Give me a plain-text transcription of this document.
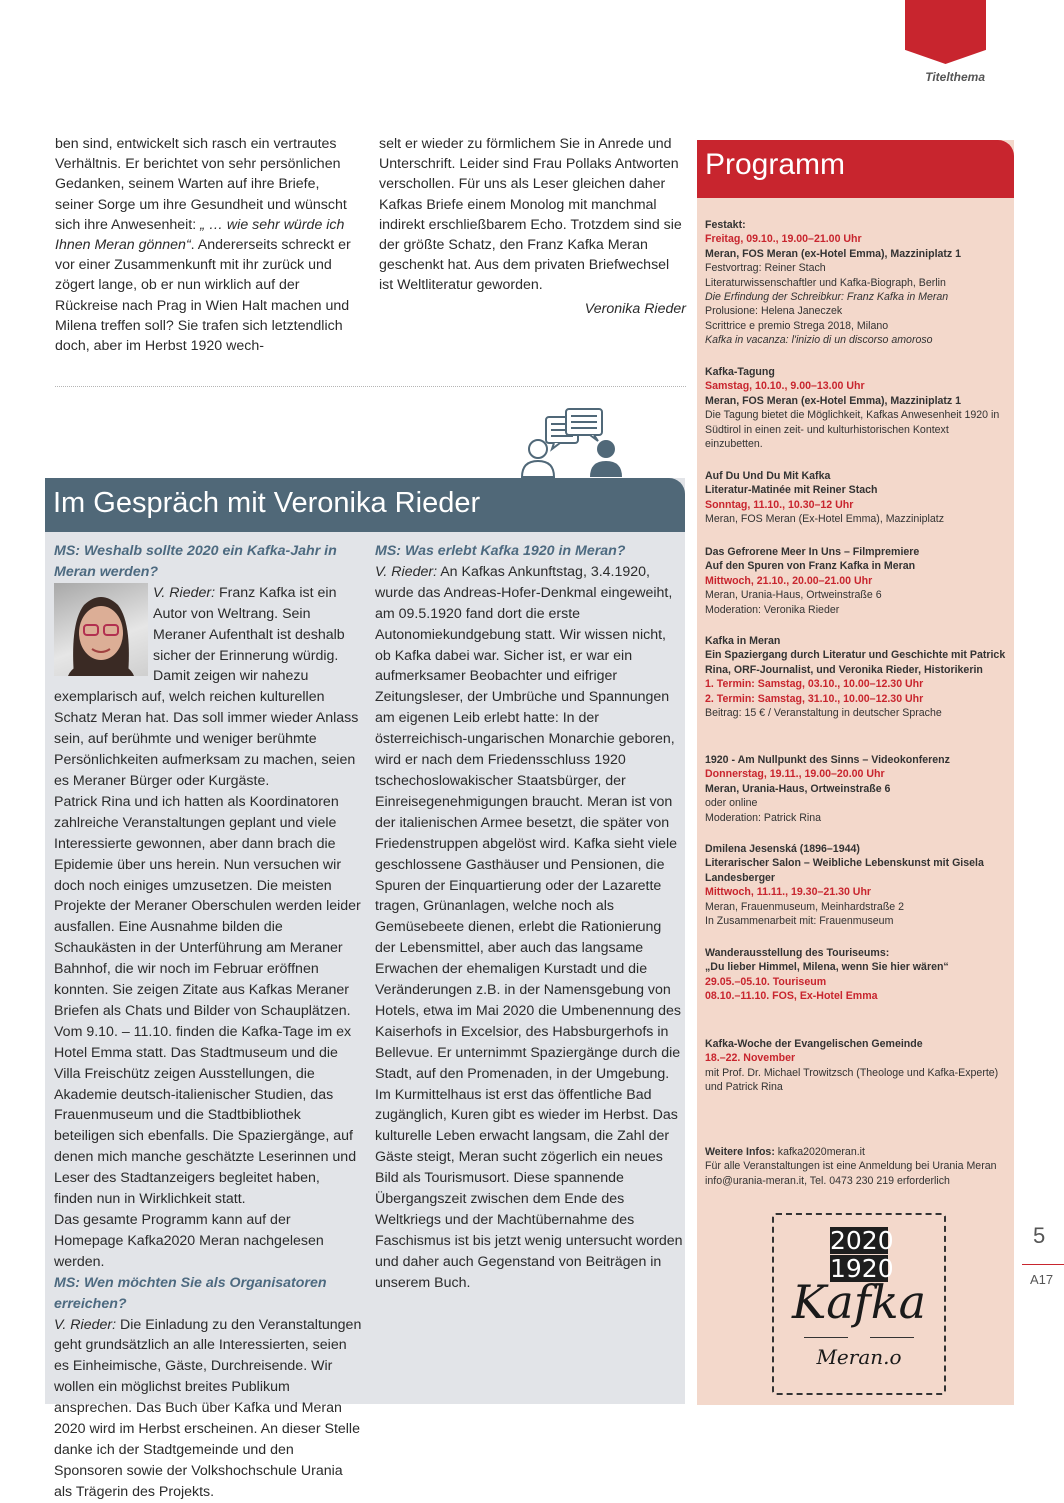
Titelthema

ben sind, entwickelt sich rasch ein vertrautes Verhältnis. Er berichtet von sehr persönlichen Gedanken, seinem Warten auf ihre Briefe, seiner Sorge um ihre Gesundheit und wünscht sich ihre Anwesenheit: „ … wie sehr würde ich Ihnen Meran gönnen“. Andererseits schreckt er vor einer Zusammenkunft mit ihr zurück und zögert lange, ob er nun wirklich auf der Rückreise nach Prag in Wien Halt machen und Milena treffen soll? Sie trafen sich letztendlich doch, aber im Herbst 1920 wech-

selt er wieder zu förmlichem Sie in Anrede und Unterschrift. Leider sind Frau Pollaks Antworten verschollen. Für uns als Leser gleichen daher Kafkas Briefe einem Monolog mit manchmal indirekt erschließbarem Echo. Trotzdem sind sie der größte Schatz, den Franz Kafka Meran geschenkt hat. Aus dem privaten Briefwechsel ist Weltliteratur geworden.

Veronika Rieder

Im Gespräch mit Veronika Rieder

MS: Weshalb sollte 2020 ein Kafka-Jahr in Meran werden?

V. Rieder: Franz Kafka ist ein Autor von Weltrang. Sein Meraner Aufenthalt ist deshalb sicher der Erinnerung würdig. Damit zeigen wir nahezu exemplarisch auf, welch reichen kulturellen Schatz Meran hat. Das soll immer wieder Anlass sein, auf berühmte und weniger berühmte Persönlichkeiten aufmerksam zu machen, seien es Meraner Bürger oder Kurgäste.

Patrick Rina und ich hatten als Koordinatoren zahlreiche Veranstaltungen geplant und viele Interessierte gewonnen, aber dann brach die Epidemie über uns herein. Nun versuchen wir doch noch einiges umzusetzen. Die meisten Projekte der Meraner Oberschulen werden leider ausfallen. Eine Ausnahme bilden die Schaukästen in der Unterführung am Meraner Bahnhof, die wir noch im Februar eröffnen konnten. Sie zeigen Zitate aus Kafkas Meraner Briefen als Chats und Bilder von Schauplätzen. Vom 9.10. – 11.10. finden die Kafka-Tage im ex Hotel Emma statt. Das Stadtmuseum und die Villa Freischütz zeigen Ausstellungen, die Akademie deutsch-italienischer Studien, das Frauenmuseum und die Stadtbibliothek beteiligen sich ebenfalls. Die Spaziergänge, auf denen mich manche geschätzte Leserinnen und Leser des Stadtanzeigers begleitet haben, finden nun in Wirklichkeit statt.

Das gesamte Programm kann auf der Homepage Kafka2020 Meran nachgelesen werden.

MS: Wen möchten Sie als Organisatoren erreichen?

V. Rieder: Die Einladung zu den Veranstaltungen geht grundsätzlich an alle Interessierten, seien es Einheimische, Gäste, Durchreisende. Wir wollen ein möglichst breites Publikum ansprechen. Das Buch über Kafka und Meran 2020 wird im Herbst erscheinen. An dieser Stelle danke ich der Stadtgemeinde und den Sponsoren sowie der Volkshochschule Urania als Trägerin des Projekts.

MS: Was erlebt Kafka 1920 in Meran?

V. Rieder: An Kafkas Ankunftstag, 3.4.1920, wurde das Andreas-Hofer-Denkmal eingeweiht, am 09.5.1920 fand dort die erste Autonomiekundgebung statt. Wir wissen nicht, ob Kafka dabei war. Sicher ist, er war ein aufmerksamer Beobachter und eifriger Zeitungsleser, der Umbrüche und Spannungen am eigenen Leib erlebt hatte: In der österreichisch-ungarischen Monarchie geboren, wird er nach dem Friedensschluss 1920 tschechoslowakischer Staatsbürger, der Einreisegenehmigungen braucht. Meran ist von der italienischen Armee besetzt, die später von Friedenstruppen abgelöst wird. Kafka sieht viele geschlossene Gasthäuser und Pensionen, die Spuren der Einquartierung oder der Lazarette tragen, Grünanlagen, welche noch als Gemüsebeete dienen, erlebt die Rationierung der Lebensmittel, aber auch das langsame Erwachen der ehemaligen Kurstadt und die Veränderungen z.B. in der Namensgebung von Hotels, etwa im Mai 2020 die Umbenennung des Kaiserhofs in Excelsior, des Habsburgerhofs in Bellevue. Er unternimmt Spaziergänge durch die Stadt, auf den Promenaden, in der Umgebung. Im Kurmittelhaus ist erst das öffentliche Bad zugänglich, Kuren gibt es wieder im Herbst. Das kulturelle Leben erwacht langsam, die Zahl der Gäste steigt, Meran sucht zögerlich ein neues Bild als Tourismusort. Diese spannende Übergangszeit zwischen dem Ende des Weltkriegs und der Machtübernahme des Faschismus ist bis jetzt wenig untersucht worden und daher auch Gegenstand von Beiträgen in unserem Buch.

Programm
Festakt:
Freitag, 09.10., 19.00–21.00 Uhr
Meran, FOS Meran (ex-Hotel Emma), Mazziniplatz 1
Festvortrag: Reiner Stach
Literaturwissenschaftler und Kafka-Biograph, Berlin
Die Erfindung der Schreibkur: Franz Kafka in Meran
Prolusione: Helena Janeczek
Scrittrice e premio Strega 2018, Milano
Kafka in vacanza: l'inizio di un discorso amoroso
Kafka-Tagung
Samstag, 10.10., 9.00–13.00 Uhr
Meran, FOS Meran (ex-Hotel Emma), Mazziniplatz 1
Die Tagung bietet die Möglichkeit, Kafkas Anwesenheit 1920 in Südtirol in einen zeit- und kulturhistorischen Kontext einzubetten.
Auf Du Und Du Mit Kafka
Literatur-Matinée mit Reiner Stach
Sonntag, 11.10., 10.30–12 Uhr
Meran, FOS Meran (Ex-Hotel Emma), Mazziniplatz
Das Gefrorene Meer In Uns – Filmpremiere
Auf den Spuren von Franz Kafka in Meran
Mittwoch, 21.10., 20.00–21.00 Uhr
Meran, Urania-Haus, Ortweinstraße 6
Moderation: Veronika Rieder
Kafka in Meran
Ein Spaziergang durch Literatur und Geschichte mit Patrick Rina, ORF-Journalist, und Veronika Rieder, Historikerin
1. Termin: Samstag, 03.10., 10.00–12.30 Uhr
2. Termin: Samstag, 31.10., 10.00–12.30 Uhr
Beitrag: 15 € / Veranstaltung in deutscher Sprache
1920 - Am Nullpunkt des Sinns – Videokonferenz
Donnerstag, 19.11., 19.00–20.00 Uhr
Meran, Urania-Haus, Ortweinstraße 6
oder online
Moderation: Patrick Rina
Dmilena Jesenská (1896–1944)
Literarischer Salon – Weibliche Lebenskunst mit Gisela Landesberger
Mittwoch, 11.11., 19.30–21.30 Uhr
Meran, Frauenmuseum, Meinhardstraße 2
In Zusammenarbeit mit: Frauenmuseum
Wanderausstellung des Touriseums:
„Du lieber Himmel, Milena, wenn Sie hier wären“
29.05.–05.10. Touriseum
08.10.–11.10. FOS, Ex-Hotel Emma
Kafka-Woche der Evangelischen Gemeinde
18.–22. November
mit Prof. Dr. Michael Trowitzsch (Theologe und Kafka-Experte) und Patrick Rina
Weitere Infos: kafka2020meran.it
Für alle Veranstaltungen ist eine Anmeldung bei Urania Meran info@urania-meran.it, Tel. 0473 230 219 erforderlich
2020
1920
Kafka
Meran.o
5
A17
